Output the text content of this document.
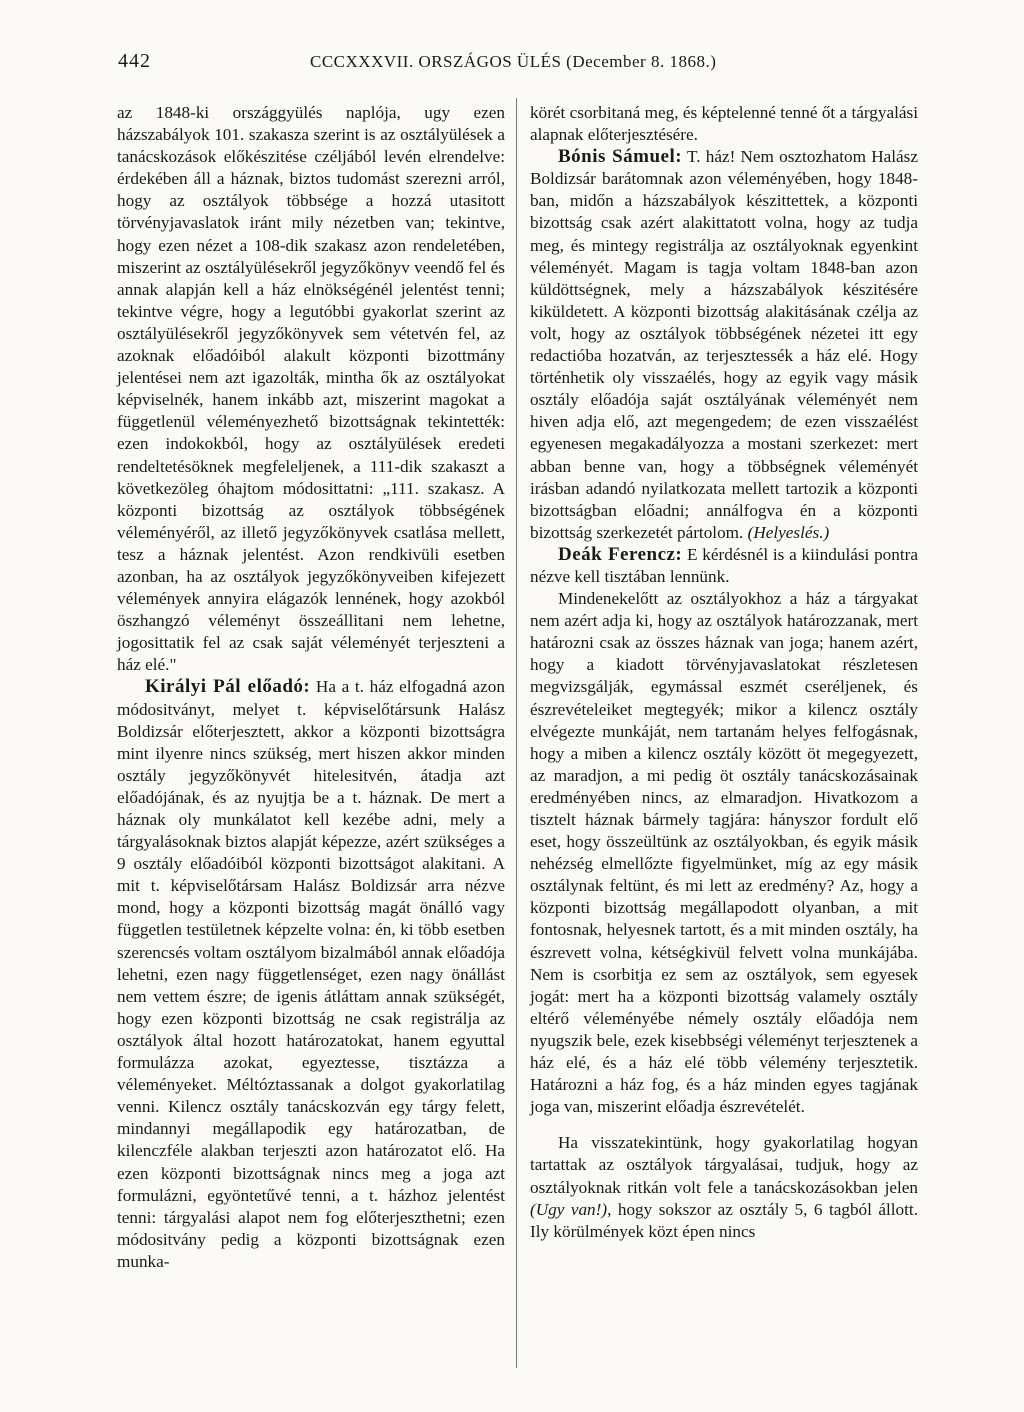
442	CCCXXXVII. ORSZÁGOS ÜLÉS (December 8. 1868.)

az 1848-ki országgyülés naplója, ugy ezen házszabályok 101. szakasza szerint is az osztályülések a tanácskozások előkészitése czéljából levén elrendelve: érdekében áll a háznak, biztos tudomást szerezni arról, hogy az osztályok többsége a hozzá utasitott törvényjavaslatok iránt mily nézetben van; tekintve, hogy ezen nézet a 108-dik szakasz azon rendeletében, miszerint az osztályülésekről jegyzőkönyv veendő fel és annak alapján kell a ház elnökségénél jelentést tenni; tekintve végre, hogy a legutóbbi gyakorlat szerint az osztályülésekről jegyzőkönyvek sem vétetvén fel, az azoknak előadóiból alakult központi bizottmány jelentései nem azt igazolták, mintha ők az osztályokat képviselnék, hanem inkább azt, miszerint magokat a függetlenül véleményezhető bizottságnak tekintették: ezen indokokból, hogy az osztályülések eredeti rendeltetésöknek megfeleljenek, a 111-dik szakaszt a következöleg óhajtom módosittatni: „111. szakasz. A központi bizottság az osztályok többségének véleményéről, az illető jegyzőkönyvek csatlása mellett, tesz a háznak jelentést. Azon rendkivüli esetben azonban, ha az osztályok jegyzőkönyveiben kifejezett vélemények annyira elágazók lennének, hogy azokból öszhangzó véleményt összeállitani nem lehetne, jogosittatik fel az csak saját véleményét terjeszteni a ház elé."

Királyi Pál előadó: Ha a t. ház elfogadná azon módositványt, melyet t. képviselőtársunk Halász Boldizsár előterjesztett, akkor a központi bizottságra mint ilyenre nincs szükség, mert hiszen akkor minden osztály jegyzőkönyvét hitelesitvén, átadja azt előadójának, és az nyujtja be a t. háznak. De mert a háznak oly munkálatot kell kezébe adni, mely a tárgyalásoknak biztos alapját képezze, azért szükséges a 9 osztály előadóiból központi bizottságot alakitani. A mit t. képviselőtársam Halász Boldizsár arra nézve mond, hogy a központi bizottság magát önálló vagy független testületnek képzelte volna: én, ki több esetben szerencsés voltam osztályom bizalmából annak előadója lehetni, ezen nagy függetlenséget, ezen nagy önállást nem vettem észre; de igenis átláttam annak szükségét, hogy ezen központi bizottság ne csak registrálja az osztályok által hozott határozatokat, hanem egyuttal formulázza azokat, egyeztesse, tisztázza a véleményeket. Méltóztassanak a dolgot gyakorlatilag venni. Kilencz osztály tanácskozván egy tárgy felett, mindannyi megállapodik egy határozatban, de kilenczféle alakban terjeszti azon határozatot elő. Ha ezen központi bizottságnak nincs meg a joga azt formulázni, egyöntetűvé tenni, a t. házhoz jelentést tenni: tárgyalási alapot nem fog előterjeszthetni; ezen módositvány pedig a központi bizottságnak ezen munka-

körét csorbitaná meg, és képtelenné tenné őt a tárgyalási alapnak előterjesztésére.

Bónis Sámuel: T. ház! Nem osztozhatom Halász Boldizsár barátomnak azon véleményében, hogy 1848-ban, midőn a házszabályok készittettek, a központi bizottság csak azért alakittatott volna, hogy az tudja meg, és mintegy registrálja az osztályoknak egyenkint véleményét. Magam is tagja voltam 1848-ban azon küldöttségnek, mely a házszabályok készitésére kiküldetett. A központi bizottság alakitásának czélja az volt, hogy az osztályok többségének nézetei itt egy redactióba hozatván, az terjesztessék a ház elé. Hogy történhetik oly visszaélés, hogy az egyik vagy másik osztály előadója saját osztályának véleményét nem hiven adja elő, azt megengedem; de ezen visszaélést egyenesen megakadályozza a mostani szerkezet: mert abban benne van, hogy a többségnek véleményét irásban adandó nyilatkozata mellett tartozik a központi bizottságban előadni; annálfogva én a központi bizottság szerkezetét pártolom. (Helyeslés.)

Deák Ferencz: E kérdésnél is a kiindulási pontra nézve kell tisztában lennünk.

Mindenekelőtt az osztályokhoz a ház a tárgyakat nem azért adja ki, hogy az osztályok határozzanak, mert határozni csak az összes háznak van joga; hanem azért, hogy a kiadott törvényjavaslatokat részletesen megvizsgálják, egymással eszmét cseréljenek, és észrevételeiket megtegyék; mikor a kilencz osztály elvégezte munkáját, nem tartanám helyes felfogásnak, hogy a miben a kilencz osztály között öt megegyezett, az maradjon, a mi pedig öt osztály tanácskozásainak eredményében nincs, az elmaradjon. Hivatkozom a tisztelt háznak bármely tagjára: hányszor fordult elő eset, hogy összeültünk az osztályokban, és egyik másik nehézség elmellőzte figyelmünket, míg az egy másik osztálynak feltünt, és mi lett az eredmény? Az, hogy a központi bizottság megállapodott olyanban, a mit fontosnak, helyesnek tartott, és a mit minden osztály, ha észrevett volna, kétségkivül felvett volna munkájába. Nem is csorbitja ez sem az osztályok, sem egyesek jogát: mert ha a központi bizottság valamely osztály eltérő véleményébe némely osztály előadója nem nyugszik bele, ezek kisebbségi véleményt terjesztenek a ház elé, és a ház elé több vélemény terjesztetik. Határozni a ház fog, és a ház minden egyes tagjának joga van, miszerint előadja észrevételét.

Ha visszatekintünk, hogy gyakorlatilag hogyan tartattak az osztályok tárgyalásai, tudjuk, hogy az osztályoknak ritkán volt fele a tanácskozásokban jelen (Ugy van!), hogy sokszor az osztály 5, 6 tagból állott. Ily körülmények közt épen nincs
